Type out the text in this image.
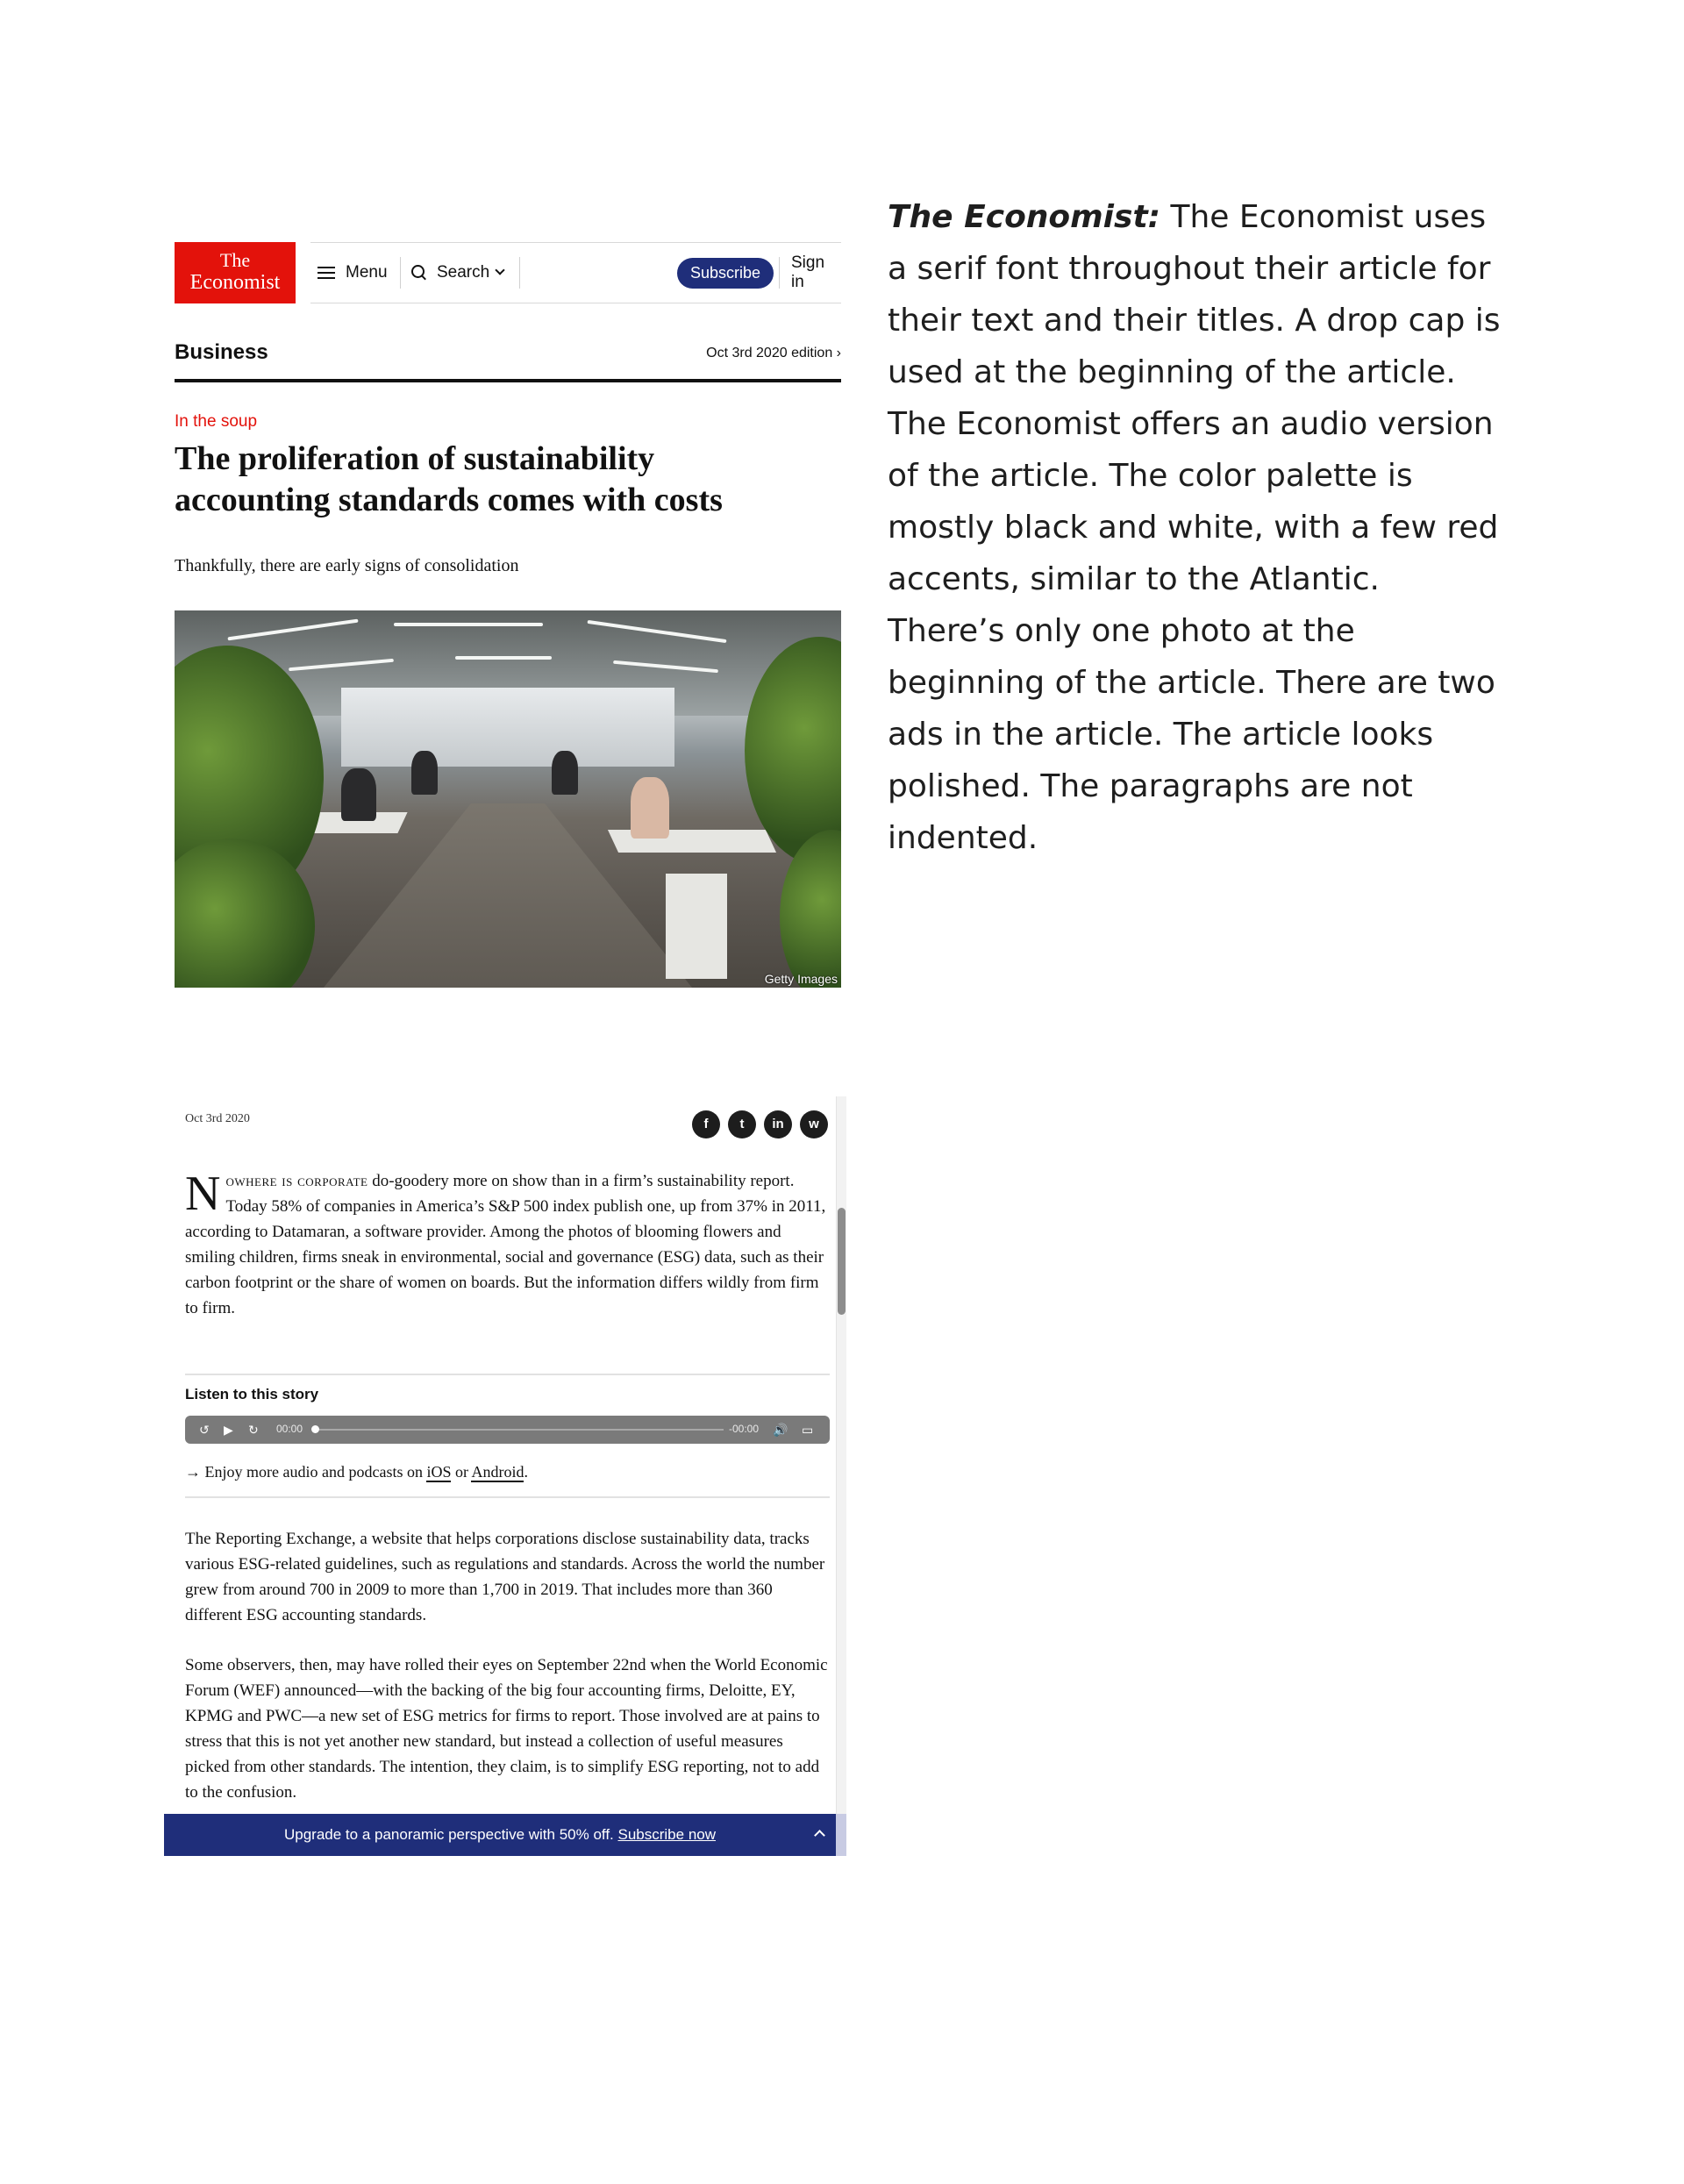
The
Economist	Menu	Search	Subscribe
Sign in
Business	Oct 3rd 2020 edition ›
In the soup
The proliferation of sustainability
accounting standards comes with costs
Thankfully, there are early signs of consolidation
Getty Images
The Economist: The Economist uses a serif font throughout their article for their text and their titles. A drop cap is used at the beginning of the article. The Economist offers an audio version of the article. The color palette is mostly black and white, with a few red accents, similar to the Atlantic. There’s only one photo at the beginning of the article. There are two ads in the article. The article looks polished. The paragraphs are not indented.
Oct 3rd 2020	f	t	in	w
Nowhere is corporate do-goodery more on show than in a firm’s sustainability report. Today 58% of companies in America’s S&P 500 index publish one, up from 37% in 2011, according to Datamaran, a software provider. Among the photos of blooming flowers and smiling children, firms sneak in environmental, social and governance (ESG) data, such as their carbon footprint or the share of women on boards. But the information differs wildly from firm to firm.
Listen to this story
↺ ▶ ↻ 00:00	-00:00 🔊 ▭
→ Enjoy more audio and podcasts on iOS or Android.
The Reporting Exchange, a website that helps corporations disclose sustainability data, tracks various ESG-related guidelines, such as regulations and standards. Across the world the number grew from around 700 in 2009 to more than 1,700 in 2019. That includes more than 360 different ESG accounting standards.
Some observers, then, may have rolled their eyes on September 22nd when the World Economic Forum (WEF) announced—with the backing of the big four accounting firms, Deloitte, EY, KPMG and PWC—a new set of ESG metrics for firms to report. Those involved are at pains to stress that this is not yet another new standard, but instead a collection of useful measures picked from other standards. The intention, they claim, is to simplify ESG reporting, not to add to the confusion.
Upgrade to a panoramic perspective with 50% off. Subscribe now
